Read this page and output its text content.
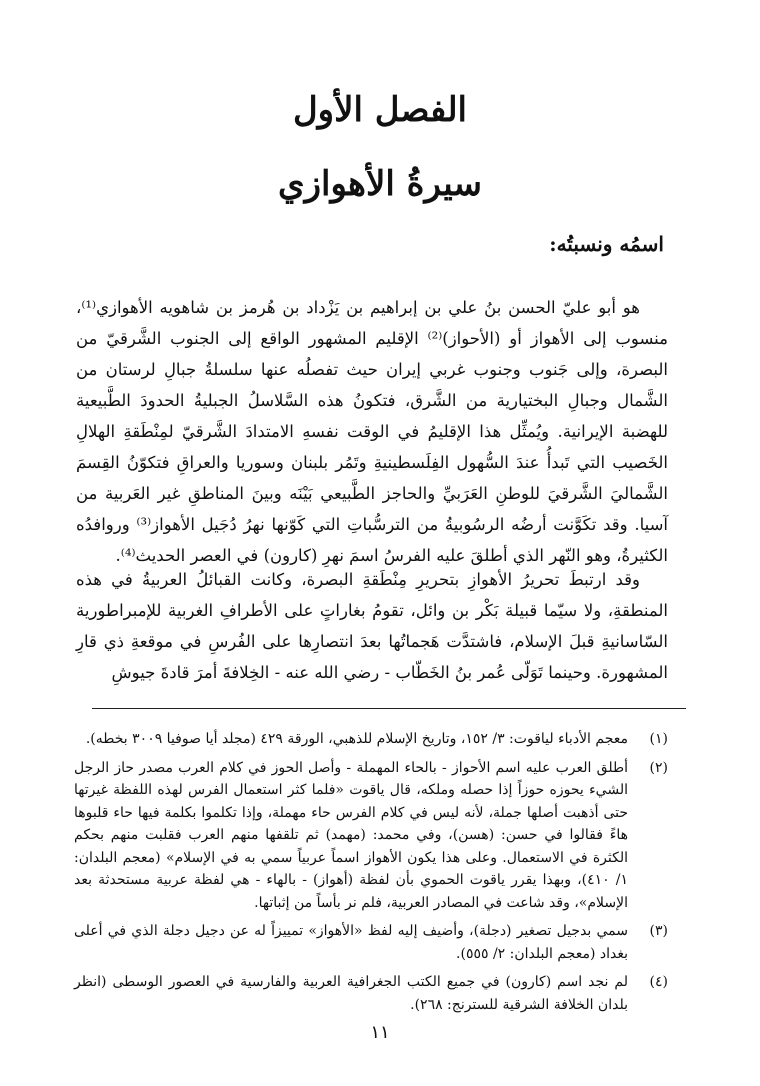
الفصل الأول
سيرةُ الأهوازي
اسمُه ونسبتُه:

هو أبو عليّ الحسن بنُ علي بن إبراهيم بن يَزْداد بن هُرمز بن شاهويه الأهوازي⁽¹⁾، منسوب إلى الأهواز أو (الأحواز)⁽²⁾ الإقليم المشهور الواقع إلى الجنوب الشَّرقيّ من البصرة، وإلى جَنوب وجنوب غربي إيران حيث تفصلُه عنها سلسلةُ جبالِ لرستان من الشَّمال وجبالِ البختيارية من الشَّرق، فتكونُ هذه السَّلاسلُ الجبليةُ الحدودَ الطَّبيعية للهضبة الإيرانية. ويُمثِّل هذا الإقليمُ في الوقت نفسهِ الامتدادَ الشَّرقيّ لمِنْطَقةِ الهلالِ الخَصيب التي تَبدأُ عندَ السُّهول الفِلَسطينيةِ وتَمُر بلبنان وسوريا والعراقِ فتكوّنُ القِسمَ الشَّماليَ الشَّرقيَ للوطنِ العَرَبيِّ والحاجز الطَّبيعي بَيْنَه وبينَ المناطقِ غير العَربية من آسيا. وقد تكَوَّنت أرضُه الرسُوبيةُ من الترسُّباتِ التي كَوّنها نهرُ دُجَيل الأهواز⁽³⁾ وروافدُه الكثيرةُ، وهو النّهر الذي أطلقَ عليه الفرسُ اسمَ نهرِ (كارون) في العصر الحديث⁽⁴⁾.

وقد ارتبطَ تحريرُ الأهوازِ بتحريرِ مِنْطَقةِ البصرة، وكانت القبائلُ العربيةُ في هذه المنطقةِ، ولا سيّما قبيلة بَكْر بن وائل، تقومُ بغاراتٍ على الأطرافِ الغربية للإمبراطورية السّاسانيةِ قبلَ الإسلام، فاشتدَّت هَجماتُها بعدَ انتصارِها على الفُرسِ في موقعةِ ذي قارِ المشهورة. وحينما تَوَلّى عُمر بنُ الخَطّاب - رضي الله عنه - الخِلافةَ أمرَ قادةَ جيوشِ

(١)
معجم الأدباء لياقوت: ٣/ ١٥٢، وتاريخ الإسلام للذهبي، الورقة ٤٢٩ (مجلد أيا صوفيا ٣٠٠٩ بخطه).
(٢)
أطلق العرب عليه اسم الأحواز - بالحاء المهملة - وأصل الحوز في كلام العرب مصدر حاز الرجل الشيء يحوزه حوزاً إذا حصله وملكه، قال ياقوت «فلما كثر استعمال الفرس لهذه اللفظة غيرتها حتى أذهبت أصلها جملة، لأنه ليس في كلام الفرس حاء مهملة، وإذا تكلموا بكلمة فيها حاء قلبوها هاءً فقالوا في حسن: (هسن)، وفي محمد: (مهمد) ثم تلقفها منهم العرب فقلبت منهم بحكم الكثرة في الاستعمال. وعلى هذا يكون الأهواز اسماً عربياً سمي به في الإسلام» (معجم البلدان: ١/ ٤١٠)، وبهذا يقرر ياقوت الحموي بأن لفظة (أهواز) - بالهاء - هي لفظة عربية مستحدثة بعد الإسلام»، وقد شاعت في المصادر العربية، فلم نر بأساً من إثباتها.
(٣)
سمي بدجيل تصغير (دجلة)، وأضيف إليه لفظ «الأهواز» تمييزاً له عن دجيل دجلة الذي في أعلى بغداد (معجم البلدان: ٢/ ٥٥٥).
(٤)
لم نجد اسم (كارون) في جميع الكتب الجغرافية العربية والفارسية في العصور الوسطى (انظر بلدان الخلافة الشرقية للسترنج: ٢٦٨).
١١
